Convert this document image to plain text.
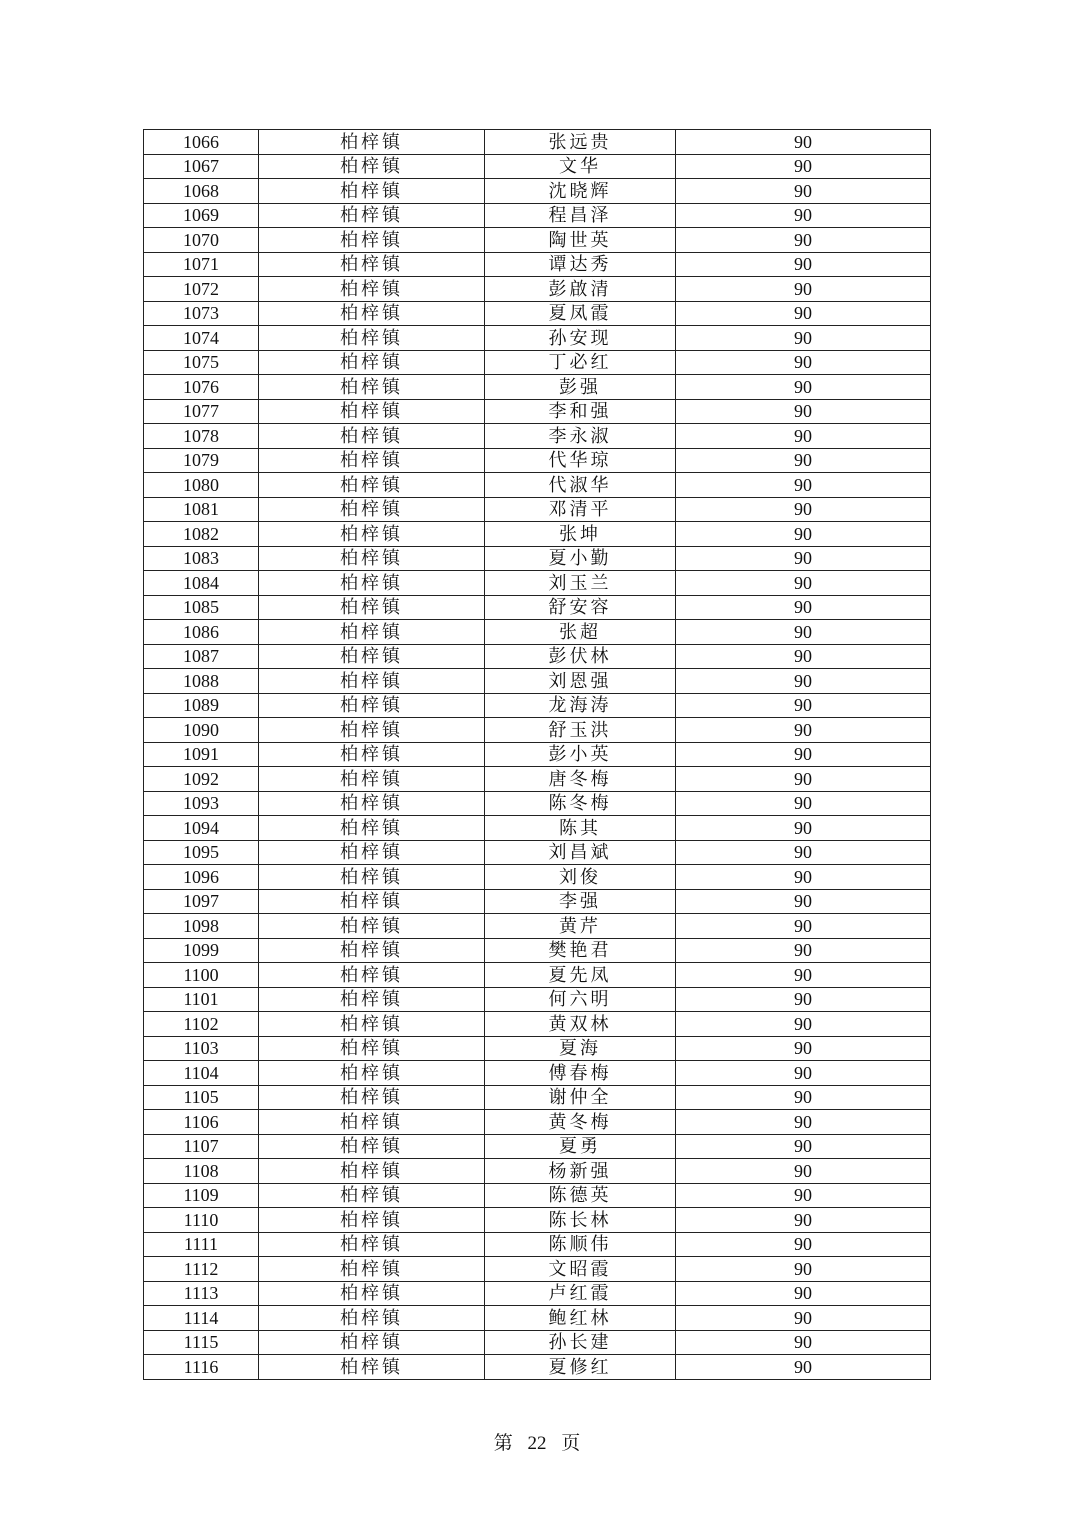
1066	柏梓镇	张远贵	90
1067	柏梓镇	文华	90
1068	柏梓镇	沈晓辉	90
1069	柏梓镇	程昌泽	90
1070	柏梓镇	陶世英	90
1071	柏梓镇	谭达秀	90
1072	柏梓镇	彭啟清	90
1073	柏梓镇	夏凤霞	90
1074	柏梓镇	孙安现	90
1075	柏梓镇	丁必红	90
1076	柏梓镇	彭强	90
1077	柏梓镇	李和强	90
1078	柏梓镇	李永淑	90
1079	柏梓镇	代华琼	90
1080	柏梓镇	代淑华	90
1081	柏梓镇	邓清平	90
1082	柏梓镇	张坤	90
1083	柏梓镇	夏小勤	90
1084	柏梓镇	刘玉兰	90
1085	柏梓镇	舒安容	90
1086	柏梓镇	张超	90
1087	柏梓镇	彭伏林	90
1088	柏梓镇	刘恩强	90
1089	柏梓镇	龙海涛	90
1090	柏梓镇	舒玉洪	90
1091	柏梓镇	彭小英	90
1092	柏梓镇	唐冬梅	90
1093	柏梓镇	陈冬梅	90
1094	柏梓镇	陈其	90
1095	柏梓镇	刘昌斌	90
1096	柏梓镇	刘俊	90
1097	柏梓镇	李强	90
1098	柏梓镇	黄芹	90
1099	柏梓镇	樊艳君	90
1100	柏梓镇	夏先凤	90
1101	柏梓镇	何六明	90
1102	柏梓镇	黄双林	90
1103	柏梓镇	夏海	90
1104	柏梓镇	傅春梅	90
1105	柏梓镇	谢仲全	90
1106	柏梓镇	黄冬梅	90
1107	柏梓镇	夏勇	90
1108	柏梓镇	杨新强	90
1109	柏梓镇	陈德英	90
1110	柏梓镇	陈长林	90
1111	柏梓镇	陈顺伟	90
1112	柏梓镇	文昭霞	90
1113	柏梓镇	卢红霞	90
1114	柏梓镇	鲍红林	90
1115	柏梓镇	孙长建	90
1116	柏梓镇	夏修红	90
第 22 页
